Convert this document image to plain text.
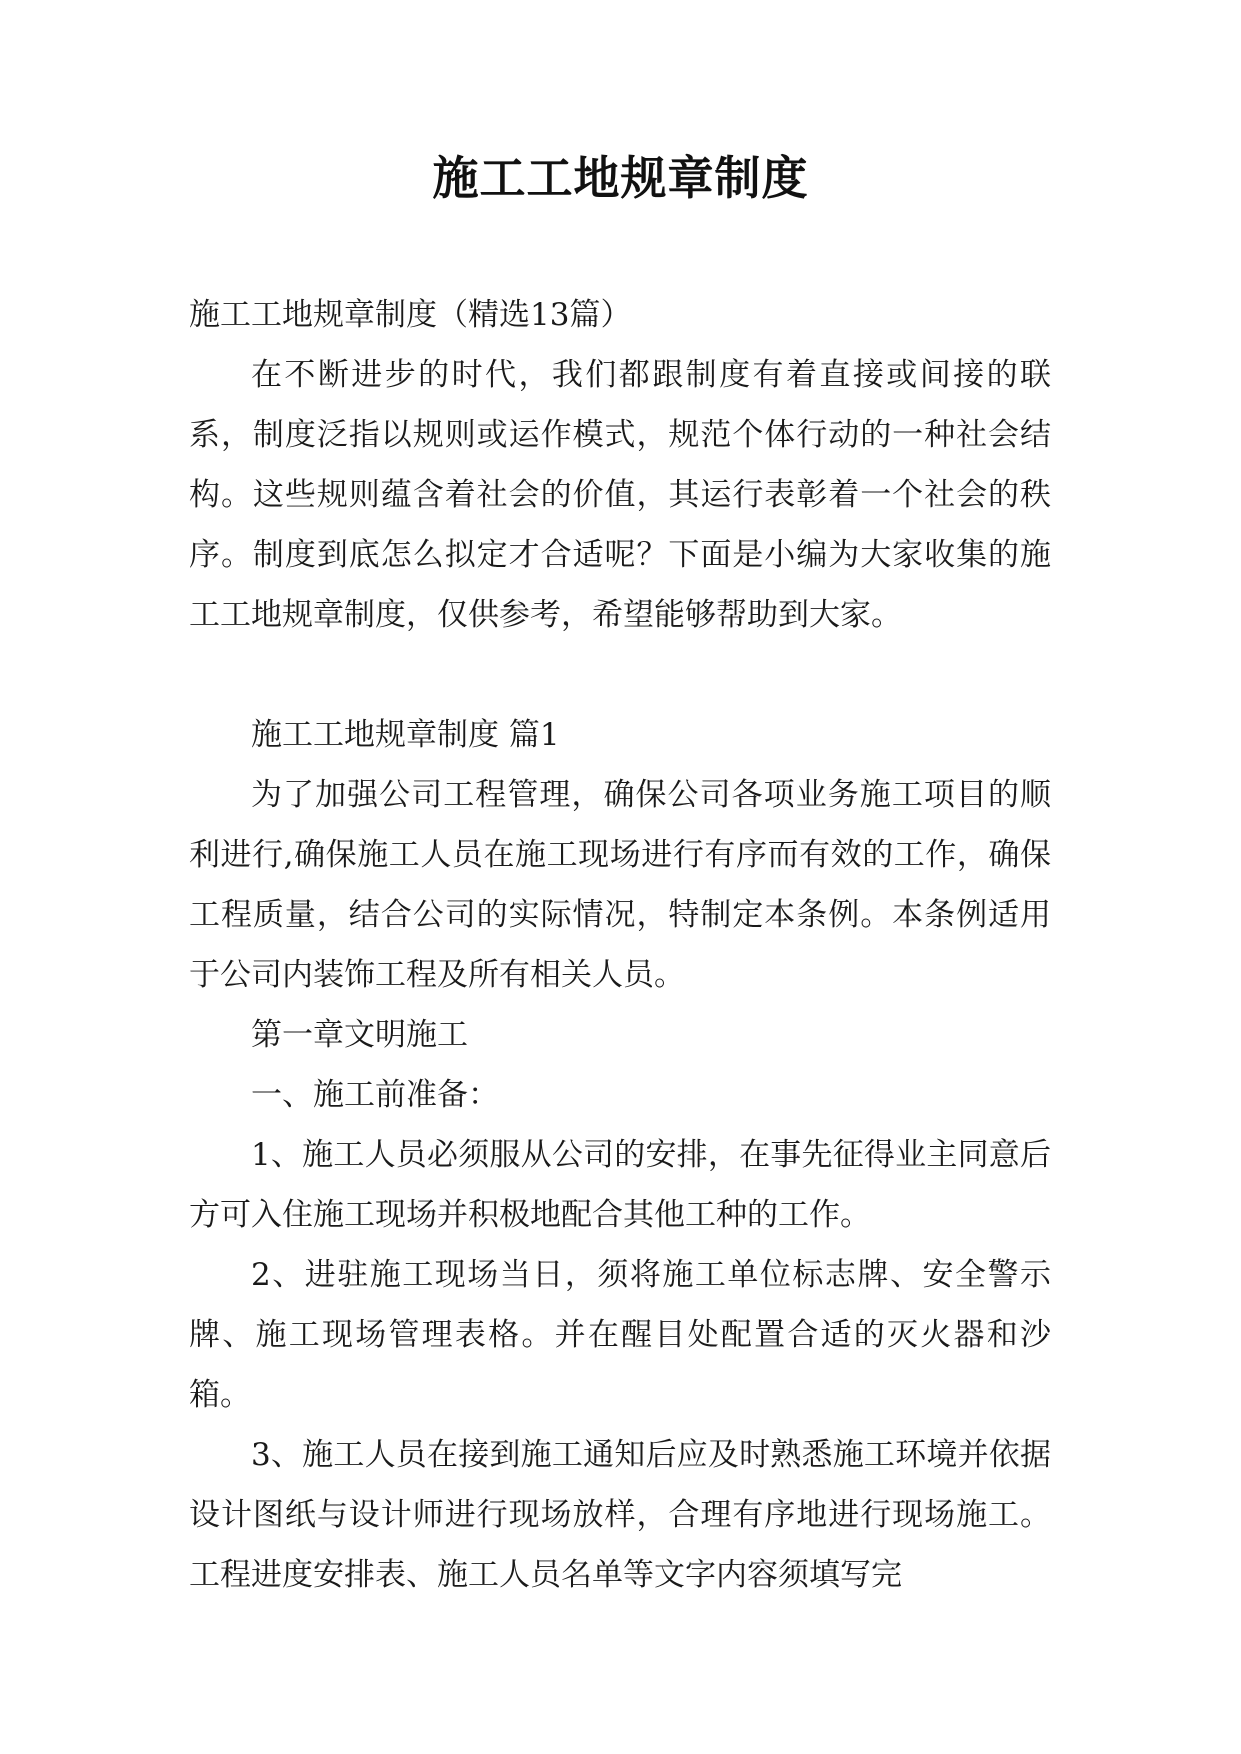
施工工地规章制度

施工工地规章制度（精选13篇）

在不断进步的时代，我们都跟制度有着直接或间接的联系，制度泛指以规则或运作模式，规范个体行动的一种社会结构。这些规则蕴含着社会的价值，其运行表彰着一个社会的秩序。制度到底怎么拟定才合适呢？下面是小编为大家收集的施工工地规章制度，仅供参考，希望能够帮助到大家。

施工工地规章制度 篇1

为了加强公司工程管理，确保公司各项业务施工项目的顺利进行,确保施工人员在施工现场进行有序而有效的工作，确保工程质量，结合公司的实际情况，特制定本条例。本条例适用于公司内装饰工程及所有相关人员。

第一章文明施工

一、施工前准备：

1、施工人员必须服从公司的安排，在事先征得业主同意后方可入住施工现场并积极地配合其他工种的工作。

2、进驻施工现场当日，须将施工单位标志牌、安全警示牌、施工现场管理表格。并在醒目处配置合适的灭火器和沙箱。

3、施工人员在接到施工通知后应及时熟悉施工环境并依据设计图纸与设计师进行现场放样，合理有序地进行现场施工。工程进度安排表、施工人员名单等文字内容须填写完
